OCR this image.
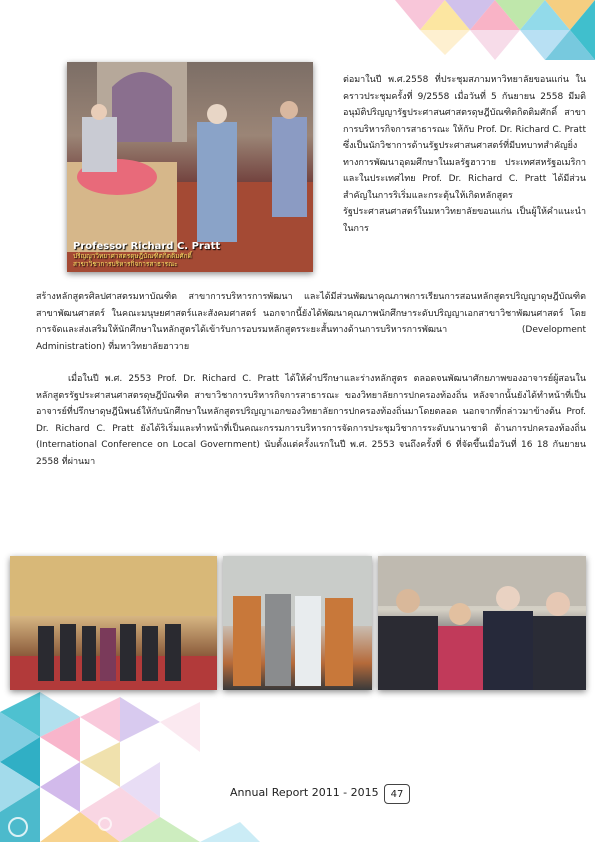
Professor Richard C. Pratt
ปริญญาวิทยาศาสตรดุษฎีบัณฑิตกิตติมศักดิ์
สาขาวิชาการบริหารกิจการสาธารณะ
ต่อมาในปี พ.ศ.2558 ที่ประชุมสภามหาวิทยาลัยขอนแก่น ในคราวประชุมครั้งที่ 9/2558 เมื่อวันที่ 5 กันยายน 2558 มีมติอนุมัติปริญญารัฐประศาสนศาสตรดุษฎีบัณฑิตกิตติมศักดิ์ สาขาการบริหารกิจการสาธารณะ ให้กับ Prof. Dr. Richard C. Pratt ซึ่งเป็นนักวิชาการด้านรัฐประศาสนศาสตร์ที่มีบทบาทสำคัญยิ่งทางการพัฒนาอุดมศึกษาในมลรัฐฮาวาย ประเทศสหรัฐอเมริกา และในประเทศไทย Prof. Dr. Richard C. Pratt ได้มีส่วนสำคัญในการริเริ่มและกระตุ้นให้เกิดหลักสูตรรัฐประศาสนศาสตร์ในมหาวิทยาลัยขอนแก่น เป็นผู้ให้คำแนะนำในการ
สร้างหลักสูตรศิลปศาสตรมหาบัณฑิต สาขาการบริหารการพัฒนา และได้มีส่วนพัฒนาคุณภาพการเรียนการสอนหลักสูตรปริญญาดุษฎีบัณฑิต สาขาพัฒนศาสตร์ ในคณะมนุษยศาสตร์และสังคมศาสตร์ นอกจากนี้ยังได้พัฒนาคุณภาพนักศึกษาระดับปริญญาเอกสาขาวิชาพัฒนศาสตร์ โดยการจัดและส่งเสริมให้นักศึกษาในหลักสูตรได้เข้ารับการอบรมหลักสูตรระยะสั้นทางด้านการบริหารการพัฒนา (Development Administration) ที่มหาวิทยาลัยฮาวาย
เมื่อในปี พ.ศ. 2553 Prof. Dr. Richard C. Pratt ได้ให้คำปรึกษาและร่างหลักสูตร ตลอดจนพัฒนาศักยภาพของอาจารย์ผู้สอนในหลักสูตรรัฐประศาสนศาสตรดุษฎีบัณฑิต สาขาวิชาการบริหารกิจการสาธารณะ ของวิทยาลัยการปกครองท้องถิ่น หลังจากนั้นยังได้ทำหน้าที่เป็นอาจารย์ที่ปรึกษาดุษฎีนิพนธ์ให้กับนักศึกษาในหลักสูตรปริญญาเอกของวิทยาลัยการปกครองท้องถิ่นมาโดยตลอด นอกจากที่กล่าวมาข้างต้น Prof. Dr. Richard C. Pratt ยังได้ริเริ่มและทำหน้าที่เป็นคณะกรรมการบริหารการจัดการประชุมวิชาการระดับนานาชาติ ด้านการปกครองท้องถิ่น (International Conference on Local Government) นับตั้งแต่ครั้งแรกในปี พ.ศ. 2553 จนถึงครั้งที่ 6 ที่จัดขึ้นเมื่อวันที่ 16 18 กันยายน 2558 ที่ผ่านมา
Annual Report 2011 - 2015	47
